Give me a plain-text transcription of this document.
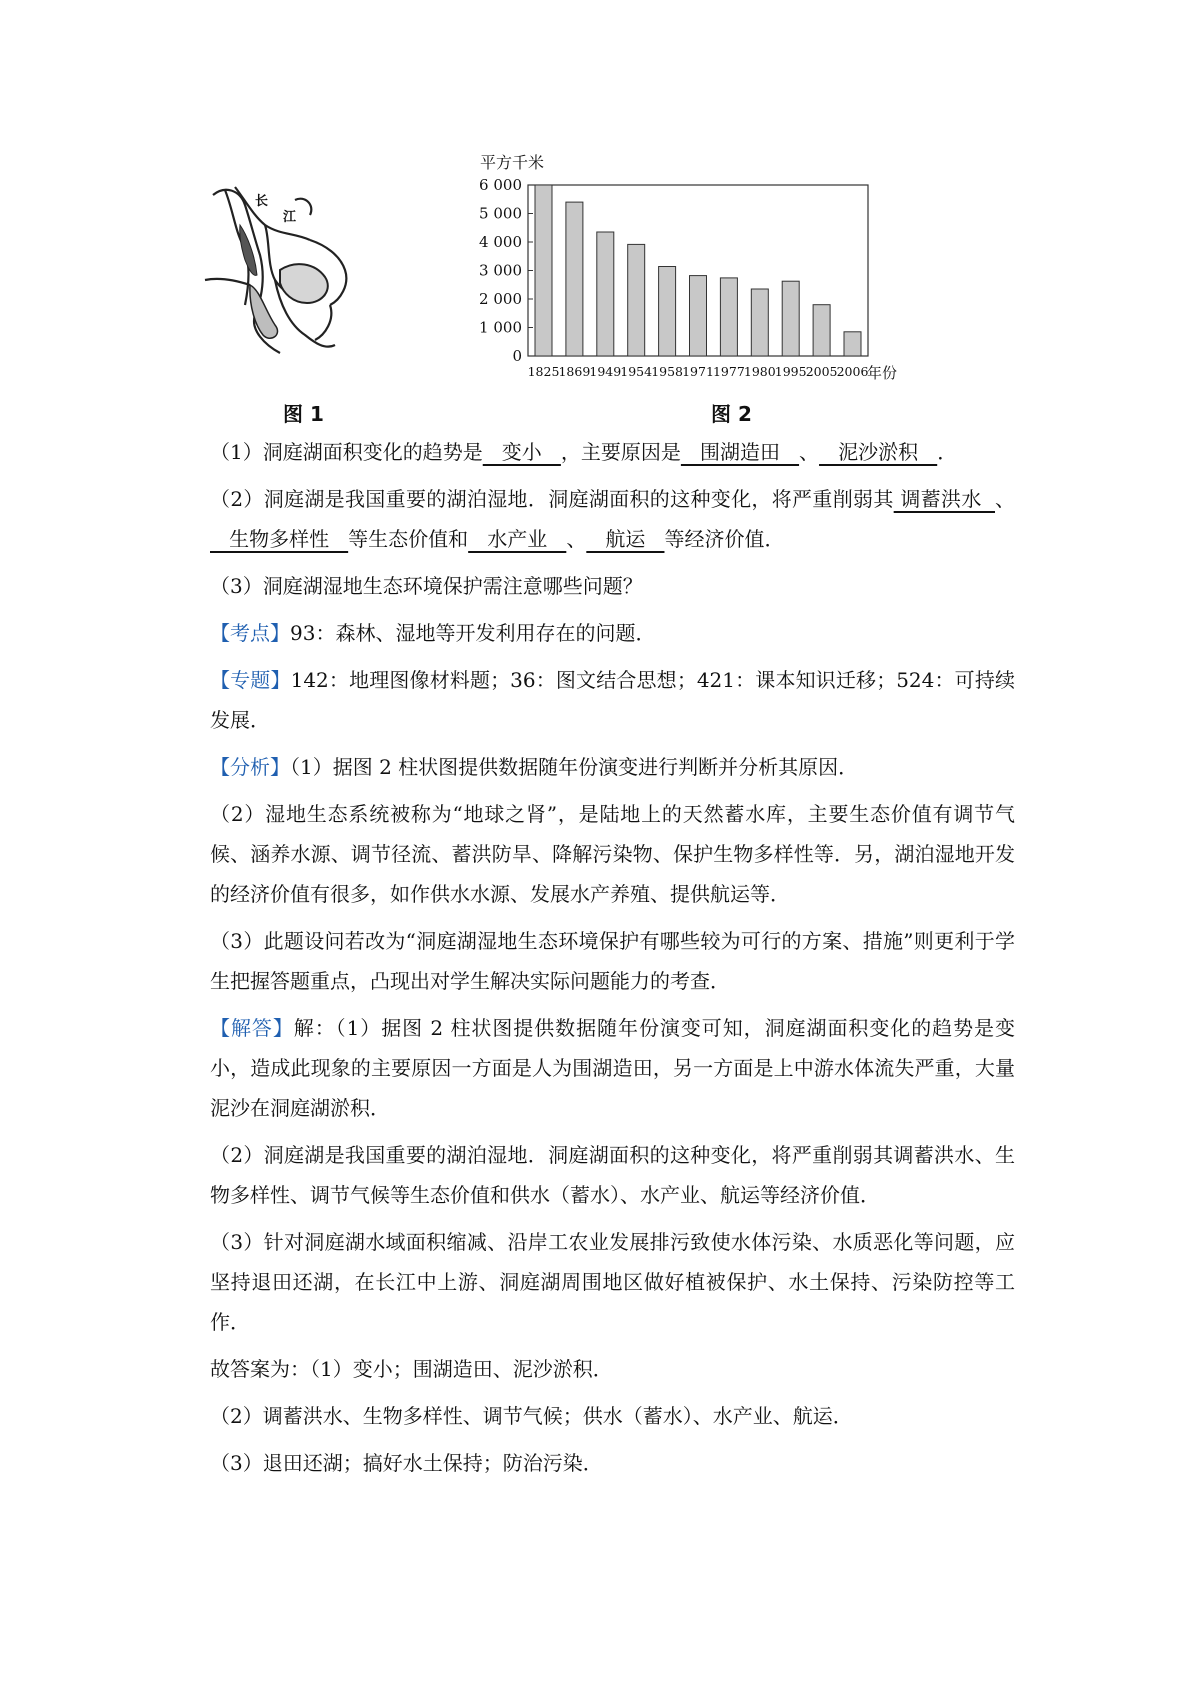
长
江
平方千米
0
1 000
2 000
3 000
4 000
5 000
6 000
1825 1869 1949 1954 1958 1971 1977 1980 1995 2005 2006
年份
图 1	图 2

（1）洞庭湖面积变化的趋势是   变小   ，主要原因是   围湖造田   、   泥沙淤积   ．

（2）洞庭湖是我国重要的湖泊湿地．洞庭湖面积的这种变化，将严重削弱其 调蓄洪水  、   生物多样性   等生态价值和   水产业   、   航运   等经济价值．

（3）洞庭湖湿地生态环境保护需注意哪些问题？

【考点】93：森林、湿地等开发利用存在的问题．

【专题】142：地理图像材料题；36：图文结合思想；421：课本知识迁移；524：可持续发展．

【分析】（1）据图 2 柱状图提供数据随年份演变进行判断并分析其原因．

（2）湿地生态系统被称为“地球之肾”，是陆地上的天然蓄水库，主要生态价值有调节气候、涵养水源、调节径流、蓄洪防旱、降解污染物、保护生物多样性等．另，湖泊湿地开发的经济价值有很多，如作供水水源、发展水产养殖、提供航运等．

（3）此题设问若改为“洞庭湖湿地生态环境保护有哪些较为可行的方案、措施”则更利于学生把握答题重点，凸现出对学生解决实际问题能力的考查．

【解答】解：（1）据图 2 柱状图提供数据随年份演变可知，洞庭湖面积变化的趋势是变小，造成此现象的主要原因一方面是人为围湖造田，另一方面是上中游水体流失严重，大量泥沙在洞庭湖淤积．

（2）洞庭湖是我国重要的湖泊湿地．洞庭湖面积的这种变化，将严重削弱其调蓄洪水、生物多样性、调节气候等生态价值和供水（蓄水）、水产业、航运等经济价值．

（3）针对洞庭湖水域面积缩减、沿岸工农业发展排污致使水体污染、水质恶化等问题，应坚持退田还湖，在长江中上游、洞庭湖周围地区做好植被保护、水土保持、污染防控等工作．

故答案为：（1）变小；围湖造田、泥沙淤积．

（2）调蓄洪水、生物多样性、调节气候；供水（蓄水）、水产业、航运．

（3）退田还湖；搞好水土保持；防治污染．
